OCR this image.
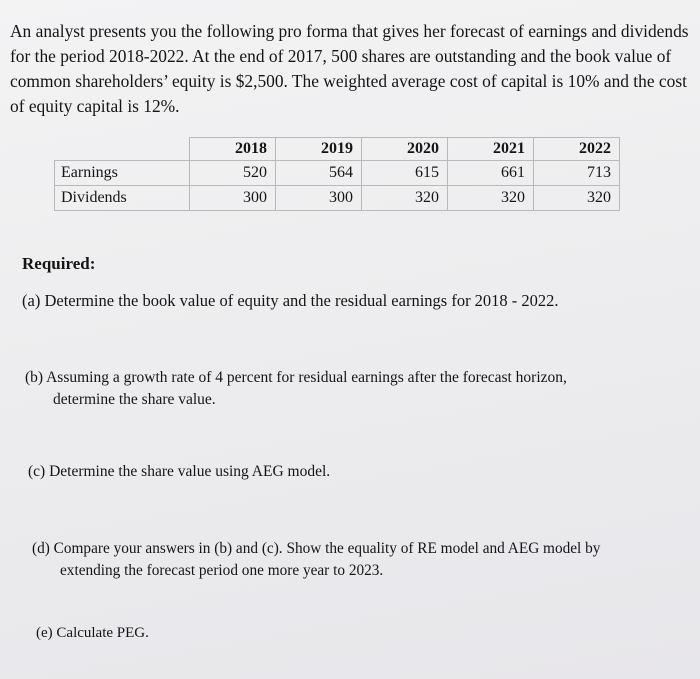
An analyst presents you the following pro forma that gives her forecast of earnings and dividends for the period 2018-2022. At the end of 2017, 500 shares are outstanding and the book value of common shareholders’ equity is $2,500. The weighted average cost of capital is 10% and the cost of equity capital is 12%.

	2018	2019	2020	2021	2022
Earnings	520	564	615	661	713
Dividends	300	300	320	320	320

Required:

(a) Determine the book value of equity and the residual earnings for 2018 - 2022.

(b) Assuming a growth rate of 4 percent for residual earnings after the forecast horizon,
determine the share value.

(c) Determine the share value using AEG model.

(d) Compare your answers in (b) and (c). Show the equality of RE model and AEG model by
extending the forecast period one more year to 2023.

(e) Calculate PEG.
